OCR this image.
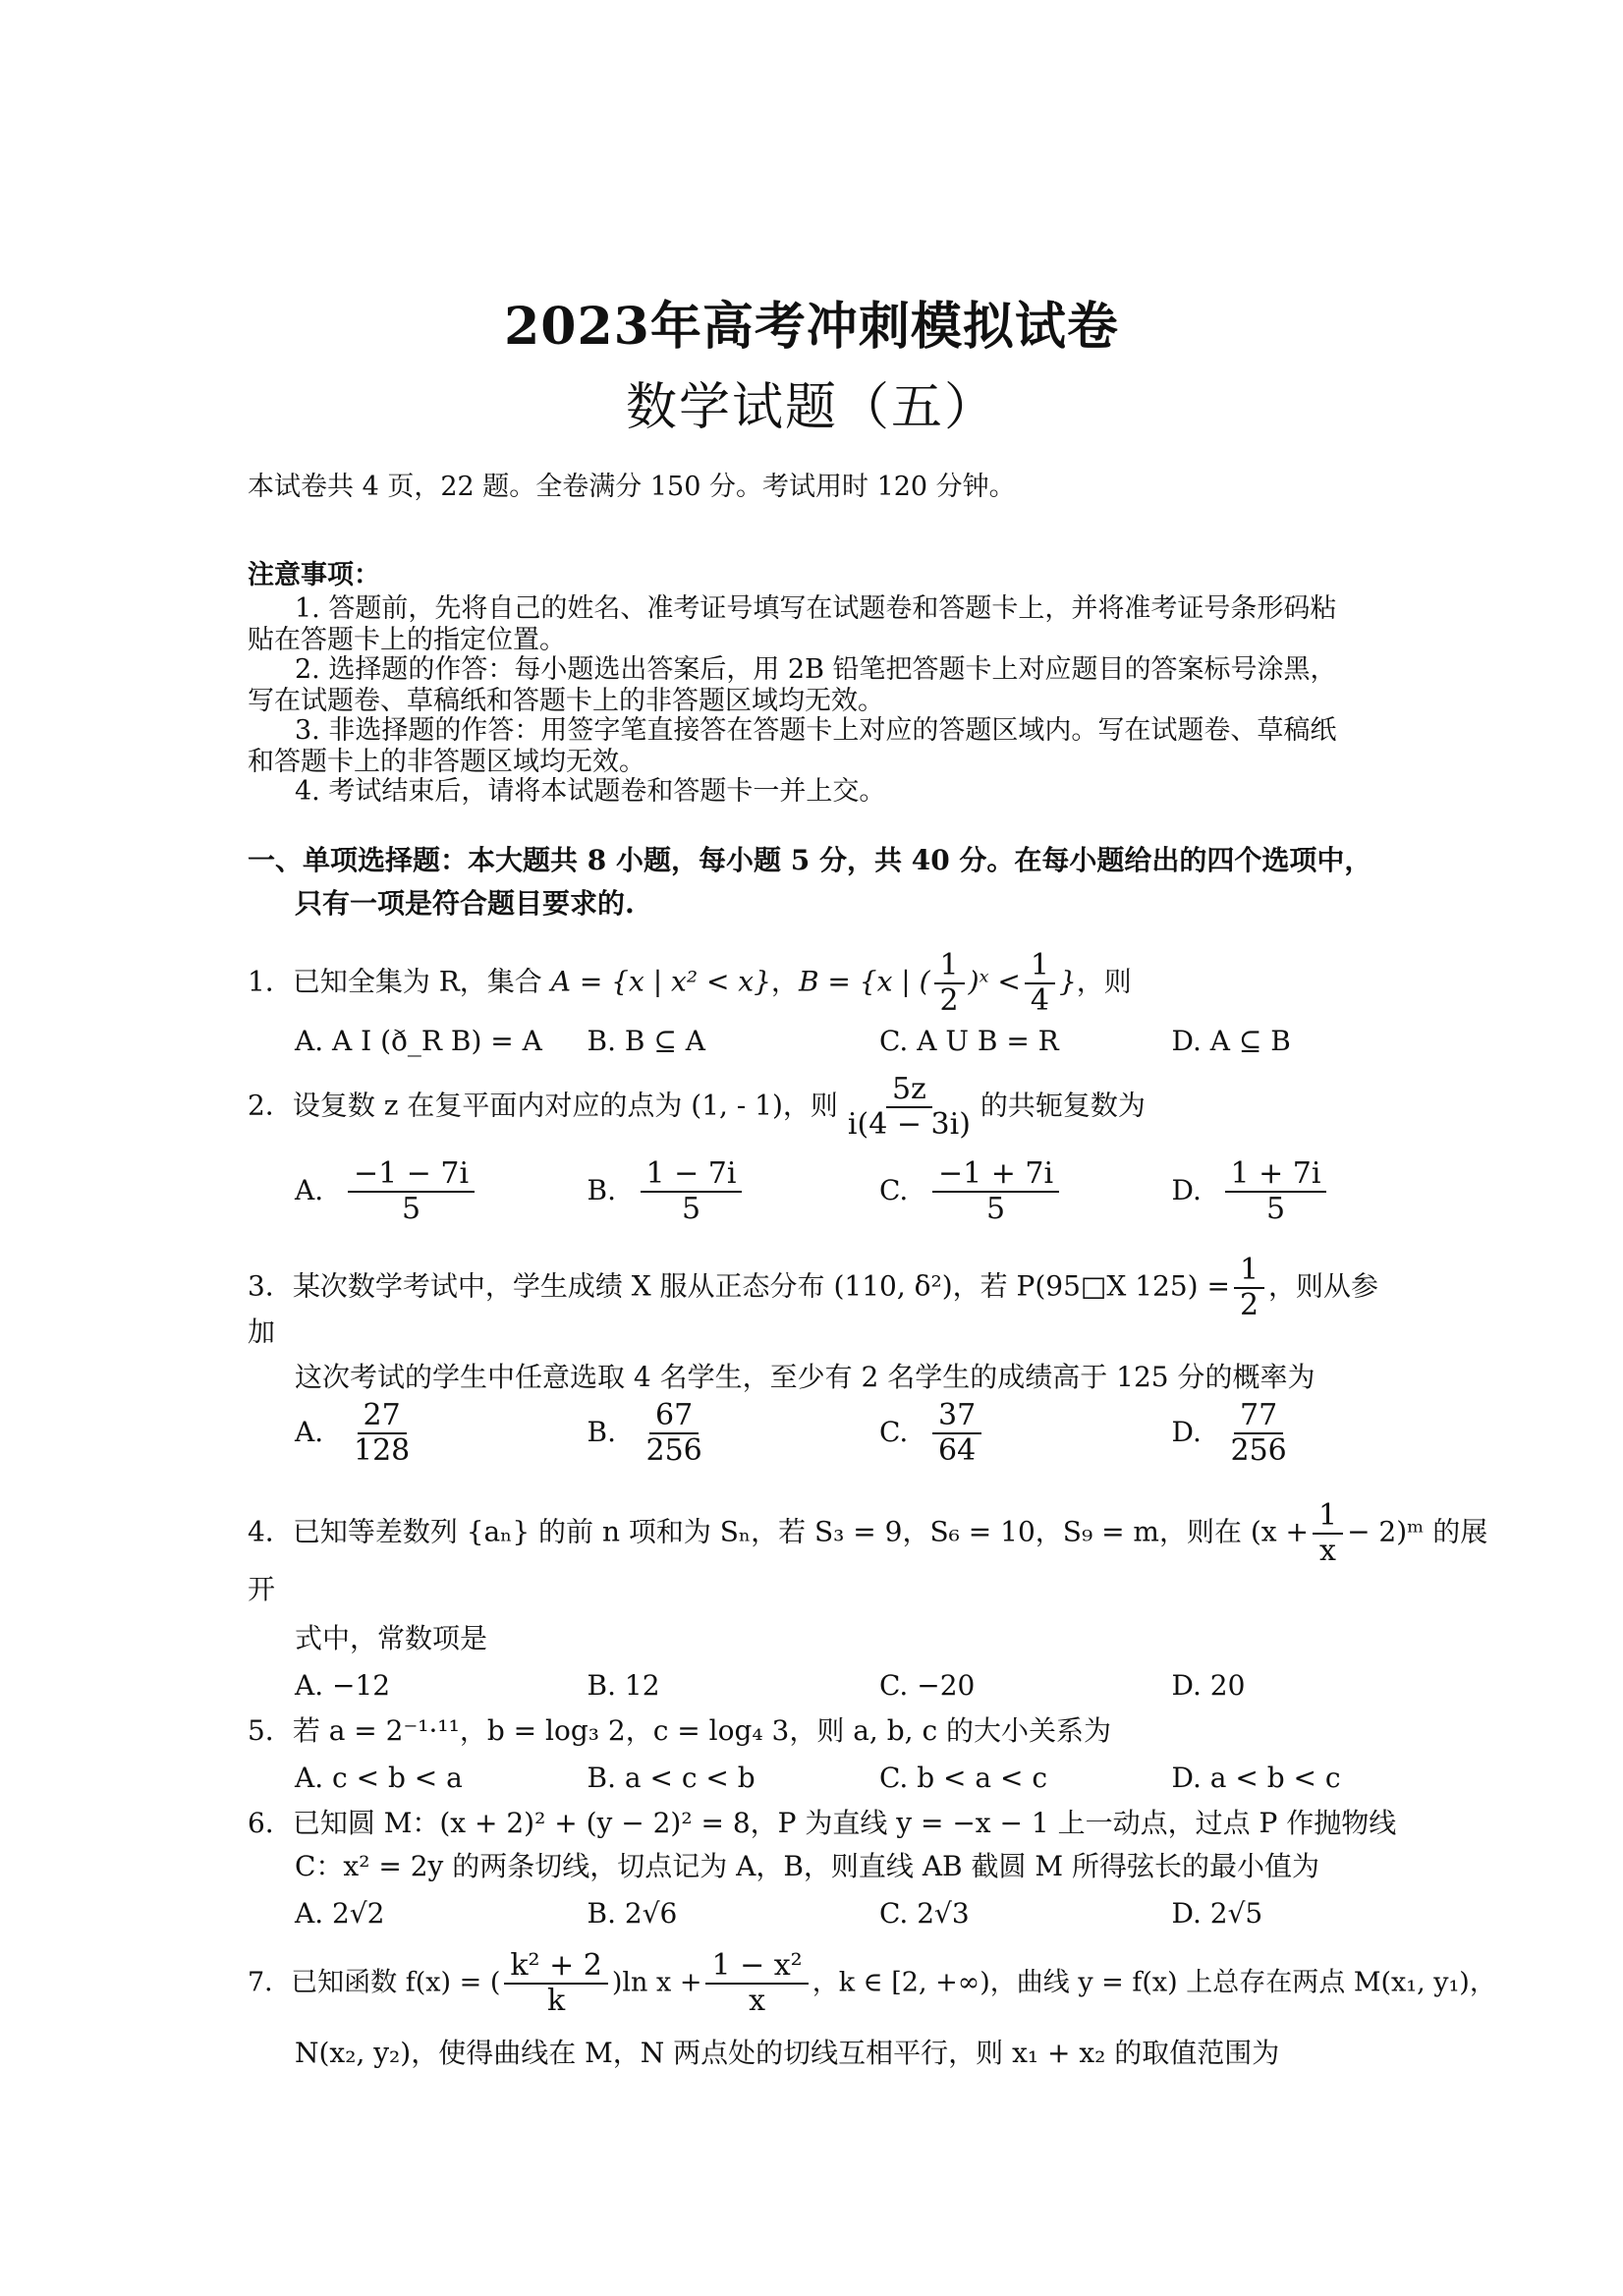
2023年高考冲刺模拟试卷
数学试题（五）
本试卷共 4 页，22 题。全卷满分 150 分。考试用时 120 分钟。
注意事项：
1. 答题前，先将自己的姓名、准考证号填写在试题卷和答题卡上，并将准考证号条形码粘
贴在答题卡上的指定位置。
2. 选择题的作答：每小题选出答案后，用 2B 铅笔把答题卡上对应题目的答案标号涂黑，
写在试题卷、草稿纸和答题卡上的非答题区域均无效。
3. 非选择题的作答：用签字笔直接答在答题卡上对应的答题区域内。写在试题卷、草稿纸
和答题卡上的非答题区域均无效。
4. 考试结束后，请将本试题卷和答题卡一并上交。
一、单项选择题：本大题共 8 小题，每小题 5 分，共 40 分。在每小题给出的四个选项中，
只有一项是符合题目要求的.
1．已知全集为 R，集合 A = {x | x² < x}，B = {x | ( $\frac{1}{2}$ )ˣ < $\frac{1}{4}$ }，则
A. A I (ð_R B) = A	B. B ⊆ A	C. A U B = R	D. A ⊆ B
2．设复数 z 在复平面内对应的点为 (1, - 1)，则 $\frac{5z}{i(4 - 3i)}$ 的共轭复数为
A. $\frac{-1 - 7i}{5}$	B. $\frac{1 - 7i}{5}$	C. $\frac{-1 + 7i}{5}$	D. $\frac{1 + 7i}{5}$
3．某次数学考试中，学生成绩 X 服从正态分布 (110, δ²)，若 P(95□X $125) = \frac{1}{2}$ ，则从参
加
这次考试的学生中任意选取 4 名学生，至少有 2 名学生的成绩高于 125 分的概率为
A. $\frac{27}{128}$	B. $\frac{67}{256}$	C. $\frac{37}{64}$	D. $\frac{77}{256}$
4．已知等差数列 {aₙ} 的前 n 项和为 Sₙ，若 S₃ = 9，S₆ = 10，S₉ = m，则在 ($x + \frac{1}{x}$ − 2)ᵐ 的展
开
式中，常数项是
A. −12	B. 12	C. −20	D. 20
5．若 a = 2⁻¹·¹¹，b = log₃ 2，c = log₄ 3，则 a, b, c 的大小关系为
A. c < b < a	B. a < c < b	C. b < a < c	D. a < b < c
6．已知圆 M：(x + 2)² + (y − 2)² = 8，P 为直线 y = −x − 1 上一动点，过点 P 作抛物线
C：x² = 2y 的两条切线，切点记为 A，B，则直线 AB 截圆 M 所得弦长的最小值为
A. 2√2	B. 2√6	C. 2√3	D. 2√5
7．已知函数 f(x) = ( $\frac{\text{k² + 2}}{k} )\ln$ $x + \frac{\text{1 − x²}}{x}$ ，k ∈ [2, +∞)，曲线 y = f(x) 上总存在两点 M(x₁, y₁)，
N(x₂, y₂)，使得曲线在 M，N 两点处的切线互相平行，则 x₁ + x₂ 的取值范围为
